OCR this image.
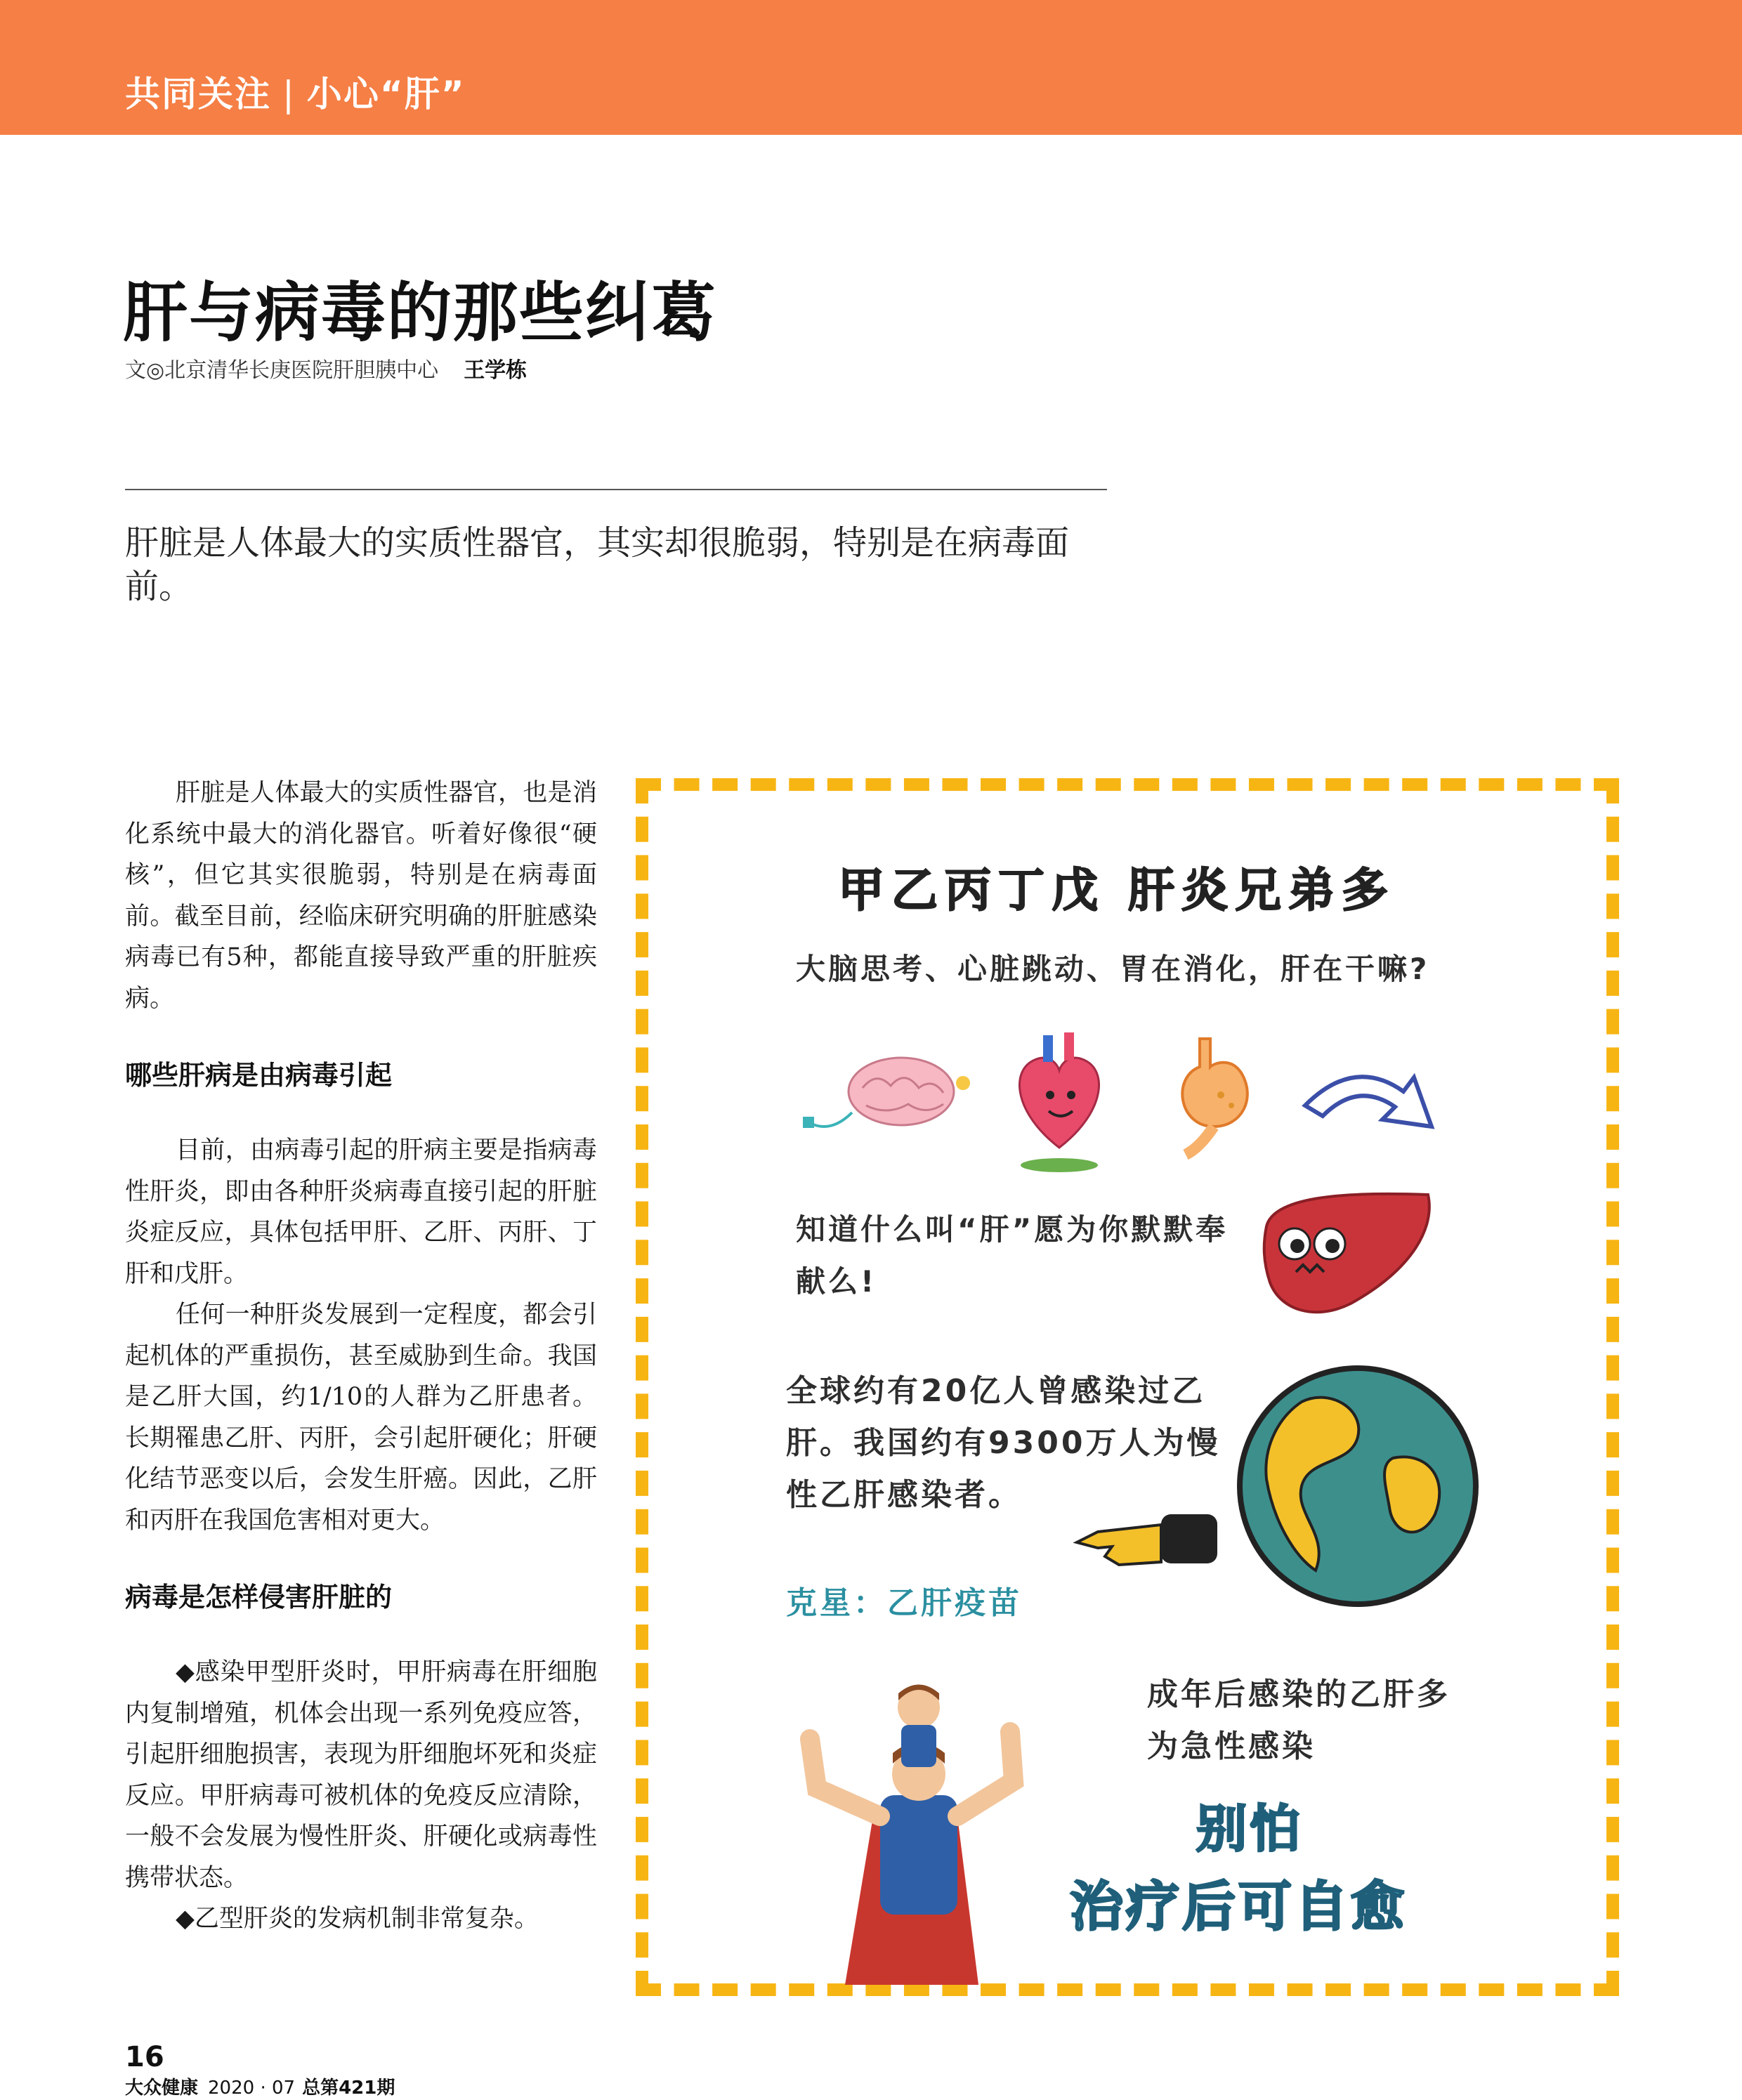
共同关注 | 小心“肝”
肝与病毒的那些纠葛
文◎北京清华长庚医院肝胆胰中心 王学栋
肝脏是人体最大的实质性器官，其实却很脆弱，特别是在病毒面前。

肝脏是人体最大的实质性器官，也是消化系统中最大的消化器官。听着好像很“硬核”，但它其实很脆弱，特别是在病毒面前。截至目前，经临床研究明确的肝脏感染病毒已有5种，都能直接导致严重的肝脏疾病。

哪些肝病是由病毒引起

目前，由病毒引起的肝病主要是指病毒性肝炎，即由各种肝炎病毒直接引起的肝脏炎症反应，具体包括甲肝、乙肝、丙肝、丁肝和戊肝。

任何一种肝炎发展到一定程度，都会引起机体的严重损伤，甚至威胁到生命。我国是乙肝大国，约1/10的人群为乙肝患者。长期罹患乙肝、丙肝，会引起肝硬化；肝硬化结节恶变以后，会发生肝癌。因此，乙肝和丙肝在我国危害相对更大。

病毒是怎样侵害肝脏的

◆感染甲型肝炎时，甲肝病毒在肝细胞内复制增殖，机体会出现一系列免疫应答，引起肝细胞损害，表现为肝细胞坏死和炎症反应。甲肝病毒可被机体的免疫反应清除，一般不会发展为慢性肝炎、肝硬化或病毒性携带状态。

◆乙型肝炎的发病机制非常复杂。

甲乙丙丁戊 肝炎兄弟多
大脑思考、心脏跳动、胃在消化，肝在干嘛?
知道什么叫“肝”愿为你默默奉献么!
全球约有20亿人曾感染过乙肝。我国约有9300万人为慢性乙肝感染者。
克星：乙肝疫苗
成年后感染的乙肝多为急性感染
别怕
治疗后可自愈
16
大众健康 2020 · 07 总第421期
